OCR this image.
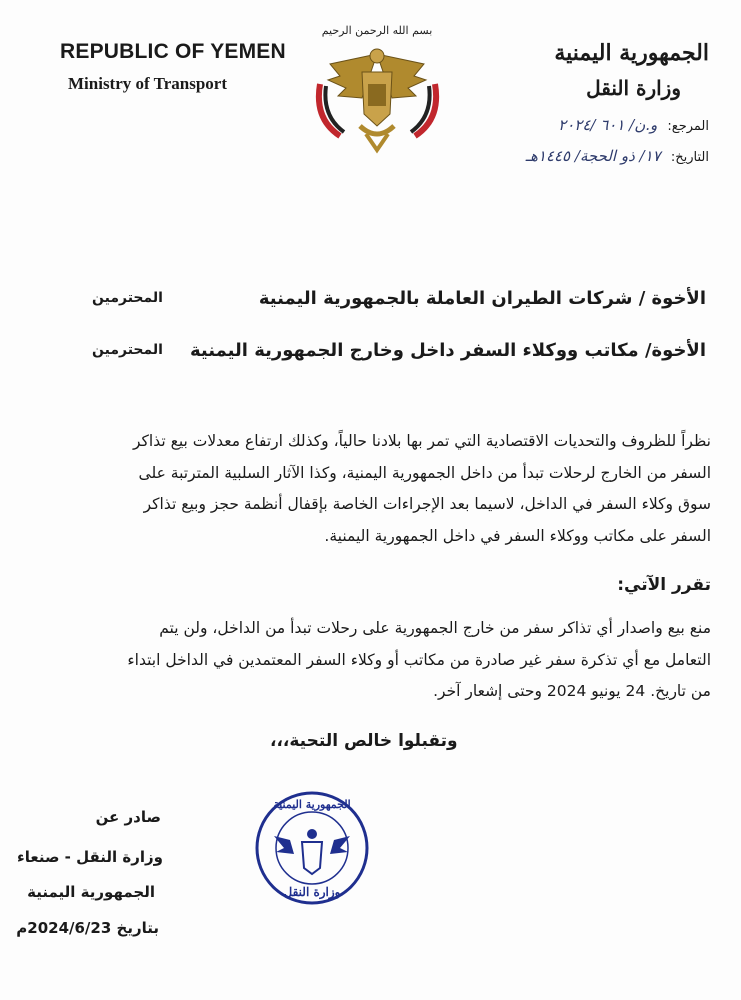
REPUBLIC OF YEMEN
Ministry of Transport
بسم الله الرحمن الرحيم
الجمهورية اليمنية
وزارة النقل
المرجع: و.ن/ ٦٠١ /٢٠٢٤
التاريخ: ١٧/ ذو الحجة/ ١٤٤٥هـ
الأخوة / شركات الطيران العاملة بالجمهورية اليمنية
المحترمين
الأخوة/ مكاتب ووكلاء السفر داخل وخارج الجمهورية اليمنية
المحترمين
نظراً للظروف والتحديات الاقتصادية التي تمر بها بلادنا حالياً، وكذلك ارتفاع معدلات بيع تذاكر
السفر من الخارج لرحلات تبدأ من داخل الجمهورية اليمنية، وكذا الآثار السلبية المترتبة على
سوق وكلاء السفر في الداخل، لاسيما بعد الإجراءات الخاصة بإقفال أنظمة حجز وبيع تذاكر
السفر على مكاتب ووكلاء السفر في داخل الجمهورية اليمنية.
تقرر الآتي:
منع بيع واصدار أي تذاكر سفر من خارج الجمهورية على رحلات تبدأ من الداخل، ولن يتم
التعامل مع أي تذكرة سفر غير صادرة من مكاتب أو وكلاء السفر المعتمدين في الداخل ابتداء
من تاريخ. 24 يونيو 2024 وحتى إشعار آخر.
وتقبلوا خالص التحية،،،
الجمهورية اليمنية
وزارة النقل
صادر عن
وزارة النقل - صنعاء
الجمهورية اليمنية
بتاريخ 2024/6/23م
